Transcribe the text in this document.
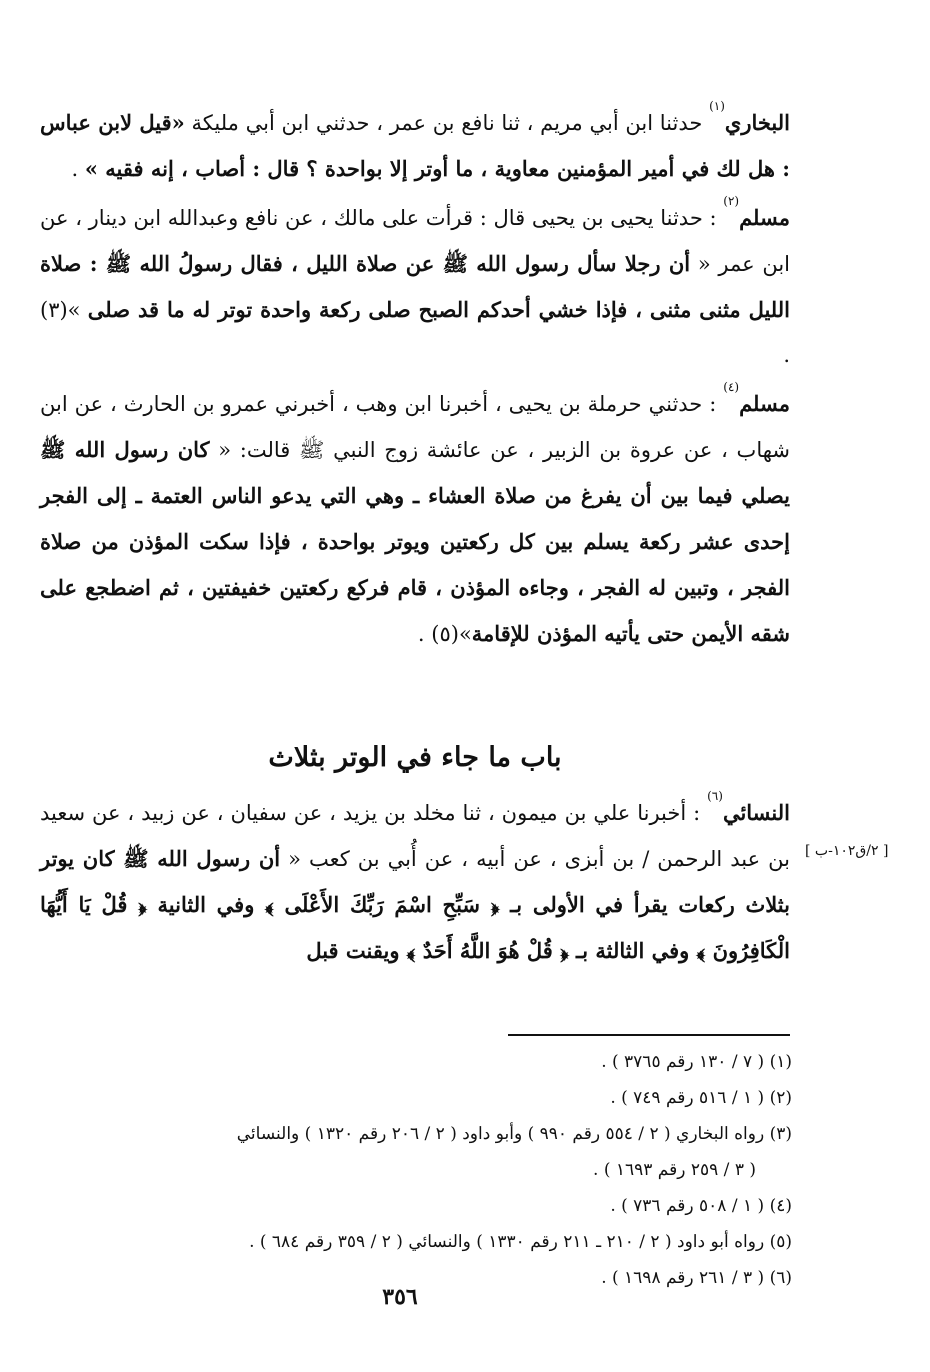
البخاري$^{(١)}$ حدثنا ابن أبي مريم ، ثنا نافع بن عمر ، حدثني ابن أبي مليكة «قيل لابن عباس : هل لك في أمير المؤمنين معاوية ، ما أوتر إلا بواحدة ؟ قال : أصاب ، إنه فقيه » .

مسلم$^{(٢)}$ : حدثنا يحيى بن يحيى قال : قرأت على مالك ، عن نافع وعبدالله ابن دينار ، عن ابن عمر « أن رجلا سأل رسول الله ﷺ عن صلاة الليل ، فقال رسولُ الله ﷺ : صلاة الليل مثنى مثنى ، فإذا خشي أحدكم الصبح صلى ركعة واحدة توتر له ما قد صلى »(٣) .

مسلم$^{(٤)}$ : حدثني حرملة بن يحيى ، أخبرنا ابن وهب ، أخبرني عمرو بن الحارث ، عن ابن شهاب ، عن عروة بن الزبير ، عن عائشة زوج النبي ﷺ قالت: « كان رسول الله ﷺ يصلي فيما بين أن يفرغ من صلاة العشاء ـ وهي التي يدعو الناس العتمة ـ إلى الفجر إحدى عشر ركعة يسلم بين كل ركعتين ويوتر بواحدة ، فإذا سكت المؤذن من صلاة الفجر ، وتبين له الفجر ، وجاءه المؤذن ، قام فركع ركعتين خفيفتين ، ثم اضطجع على شقه الأيمن حتى يأتيه المؤذن للإقامة»(٥) .

باب ما جاء في الوتر بثلاث

النسائي$^{(٦)}$ : أخبرنا علي بن ميمون ، ثنا مخلد بن يزيد ، عن سفيان ، عن زبيد ، عن سعيد بن عبد الرحمن / بن أبزى ، عن أبيه ، عن أُبي بن كعب « أن رسول الله ﷺ كان يوتر بثلاث ركعات يقرأ في الأولى بـ ﴿ سَبِّحِ اسْمَ رَبِّكَ الأَعْلَى ﴾ وفي الثانية ﴿ قُلْ يَا أَيُّهَا الْكَافِرُونَ ﴾ وفي الثالثة بـ ﴿ قُلْ هُوَ اللَّهُ أَحَدٌ ﴾ ويقنت قبل

[ ٢/ق١٠٢-ب ]

(١) ( ٧ / ١٣٠ رقم ٣٧٦٥ ) .

(٢) ( ١ / ٥١٦ رقم ٧٤٩ ) .

(٣) رواه البخاري ( ٢ / ٥٥٤ رقم ٩٩٠ ) وأبو داود ( ٢ / ٢٠٦ رقم ١٣٢٠ ) والنسائي

( ٣ / ٢٥٩ رقم ١٦٩٣ ) .

(٤) ( ١ / ٥٠٨ رقم ٧٣٦ ) .

(٥) رواه أبو داود ( ٢ / ٢١٠ ـ ٢١١ رقم ١٣٣٠ ) والنسائي ( ٢ / ٣٥٩ رقم ٦٨٤ ) .

(٦) ( ٣ / ٢٦١ رقم ١٦٩٨ ) .

٣٥٦
